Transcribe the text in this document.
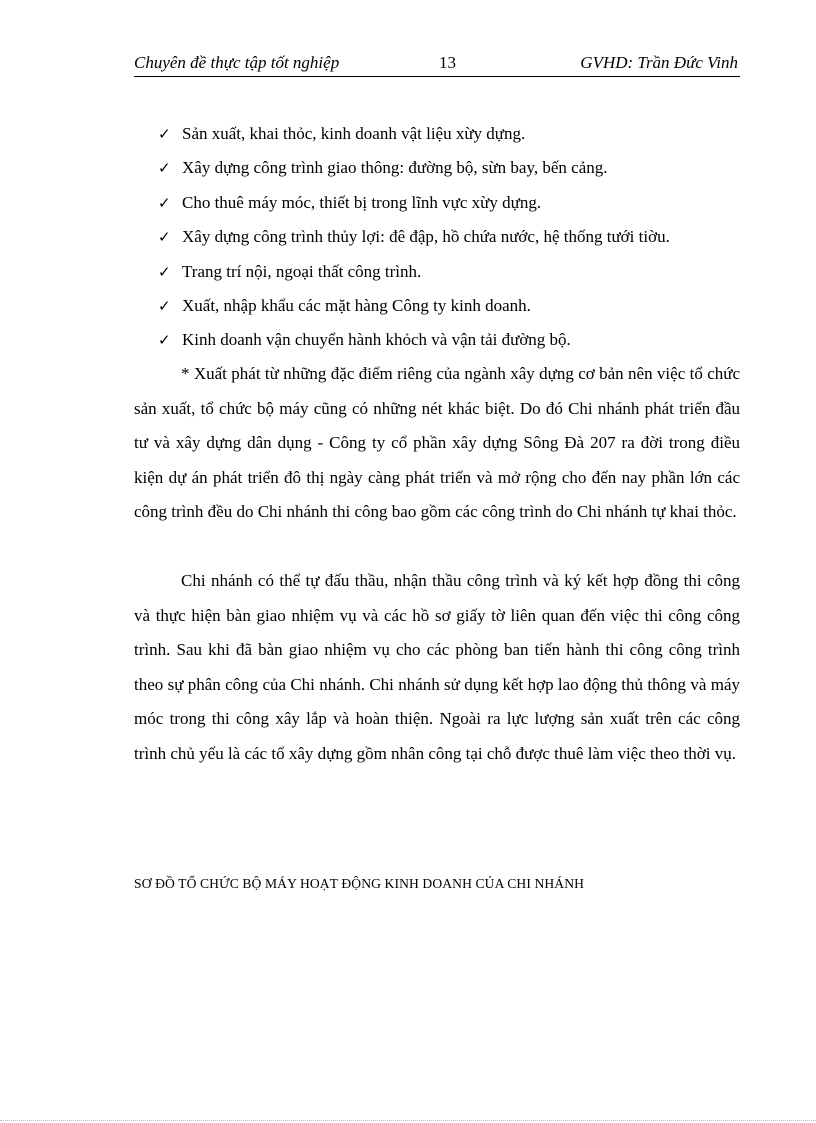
Chuyên đề thực tập tốt nghiệp	13	GVHD: Trần Đức Vinh
✓ Sản xuất, khai thỏc, kinh doanh vật liệu xừy dựng.
✓ Xây dựng công trình giao thông: đường bộ, sừn bay, bến cảng.
✓ Cho thuê máy móc, thiết bị trong lĩnh vực xừy dựng.
✓ Xây dựng công trình thủy lợi: đê đập, hồ chứa nước, hệ thống tưới tiờu.
✓ Trang trí nội, ngoại thất công trình.
✓ Xuất, nhập khẩu các mặt hàng Công ty kinh doanh.
✓ Kinh doanh vận chuyển hành khỏch và vận tải đường bộ.

* Xuất phát từ những đặc điểm riêng của ngành xây dựng cơ bản nên việc tổ chức sản xuất, tổ chức bộ máy cũng có những nét khác biệt. Do đó Chi nhánh phát triển đầu tư và xây dựng dân dụng - Công ty cổ phần xây dựng Sông Đà 207 ra đời trong điều kiện dự án phát triển đô thị ngày càng phát triển và mở rộng cho đến nay phần lớn các công trình đều do Chi nhánh thi công bao gồm các công trình do Chi nhánh tự khai thỏc.

Chi nhánh có thể tự đấu thầu, nhận thầu công trình và ký kết hợp đồng thi công và thực hiện bàn giao nhiệm vụ và các hồ sơ giấy tờ liên quan đến việc thi công công trình. Sau khi đã bàn giao nhiệm vụ cho các phòng ban tiến hành thi công công trình theo sự phân công của Chi nhánh. Chi nhánh sử dụng kết hợp lao động thủ thông và máy móc trong thi công xây lắp và hoàn thiện. Ngoài ra lực lượng sản xuất trên các công trình chủ yếu là các tổ xây dựng gồm nhân công tại chỗ được thuê làm việc theo thời vụ.

SƠ ĐỒ TỔ CHỨC BỘ MÁY HOẠT ĐỘNG KINH DOANH CỦA CHI NHÁNH
